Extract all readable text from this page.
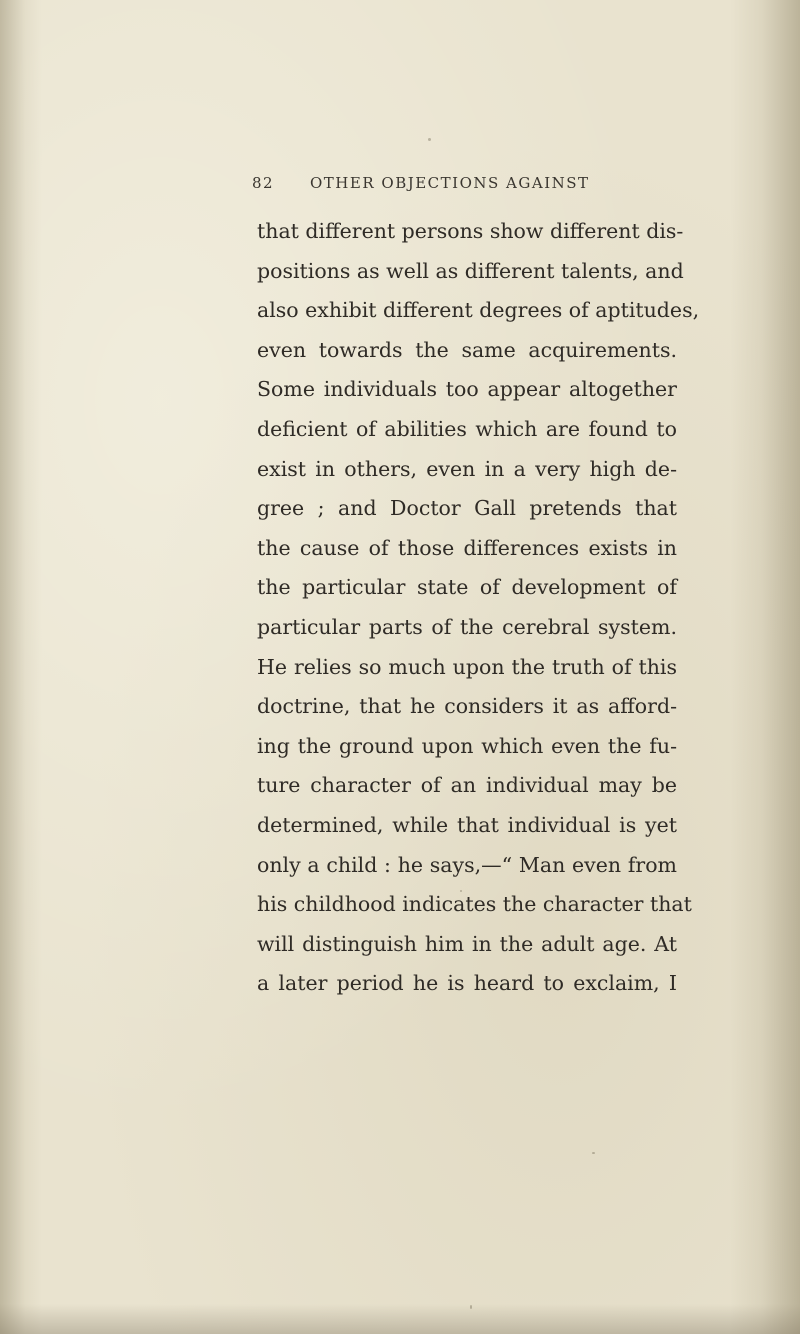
82 OTHER OBJECTIONS AGAINST
that different persons show different dis-
positions as well as different talents, and
also exhibit different degrees of aptitudes,
even towards the same acquirements.
Some individuals too appear altogether
deficient of abilities which are found to
exist in others, even in a very high de-
gree ; and Doctor Gall pretends that
the cause of those differences exists in
the particular state of development of
particular parts of the cerebral system.
He relies so much upon the truth of this
doctrine, that he considers it as afford-
ing the ground upon which even the fu-
ture character of an individual may be
determined, while that individual is yet
only a child : he says,—“ Man even from
his childhood indicates the character that
will distinguish him in the adult age. At
a later period he is heard to exclaim, I
